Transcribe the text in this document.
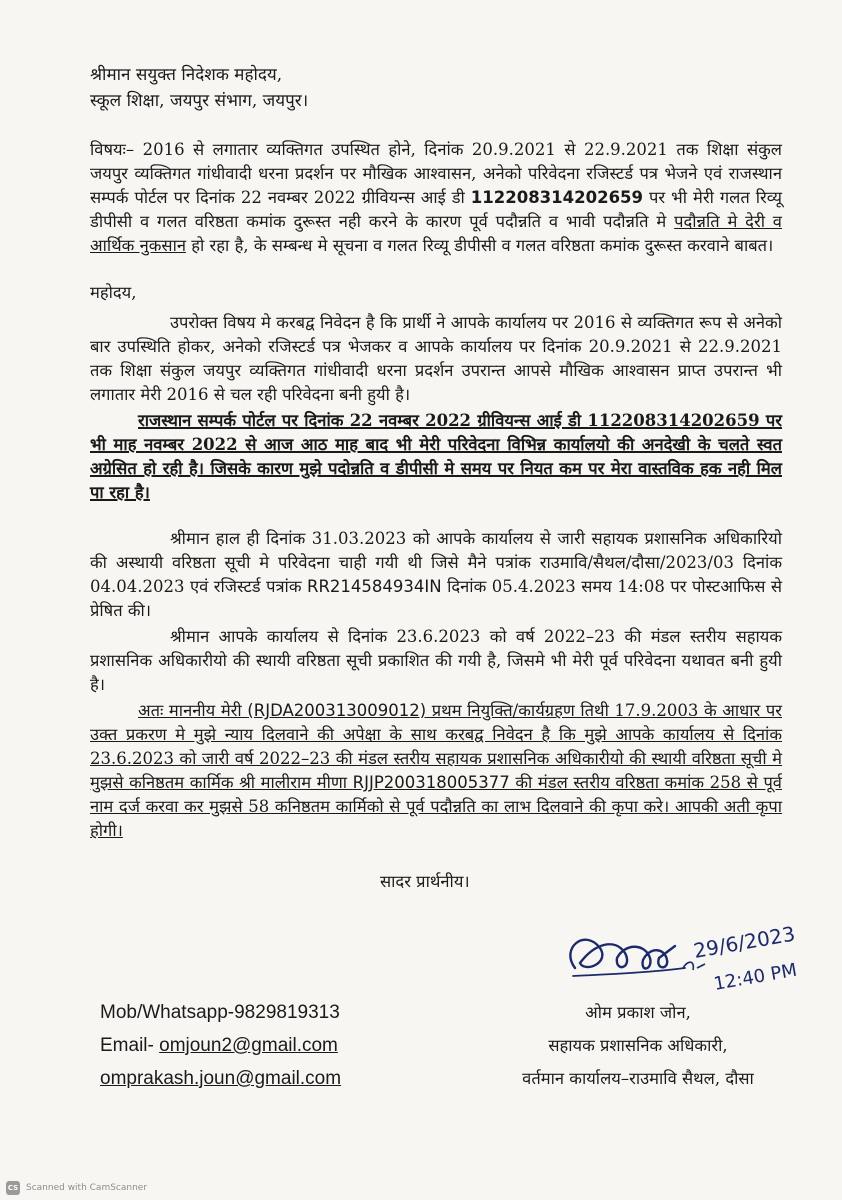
श्रीमान सयुक्त निदेशक महोदय,
स्कूल शिक्षा, जयपुर संभाग, जयपुर।

विषयः– 2016 से लगातार व्यक्तिगत उपस्थित होने, दिनांक 20.9.2021 से 22.9.2021 तक शिक्षा संकुल जयपुर व्यक्तिगत गांधीवादी धरना प्रदर्शन पर मौखिक आश्वासन, अनेको परिवेदना रजिस्टर्ड पत्र भेजने एवं राजस्थान सम्पर्क पोर्टल पर दिनांक 22 नवम्बर 2022 ग्रीवियन्स आई डी 112208314202659 पर भी मेरी गलत रिव्यू डीपीसी व गलत वरिष्ठता कमांक दुरूस्त नही करने के कारण पूर्व पदौन्नति व भावी पदौन्नति मे पदौन्नति मे देरी व आर्थिक नुकसान हो रहा है, के सम्बन्ध मे सूचना व गलत रिव्यू डीपीसी व गलत वरिष्ठता कमांक दुरूस्त करवाने बाबत।

महोदय,

उपरोक्त विषय मे करबद्व निवेदन है कि प्रार्थी ने आपके कार्यालय पर 2016 से व्यक्तिगत रूप से अनेको बार उपस्थिति होकर, अनेको रजिस्टर्ड पत्र भेजकर व आपके कार्यालय पर दिनांक 20.9.2021 से 22.9.2021 तक शिक्षा संकुल जयपुर व्यक्तिगत गांधीवादी धरना प्रदर्शन उपरान्त आपसे मौखिक आश्वासन प्राप्त उपरान्त भी लगातार मेरी 2016 से चल रही परिवेदना बनी हुयी है।

राजस्थान सम्पर्क पोर्टल पर दिनांक 22 नवम्बर 2022 ग्रीवियन्स आई डी 112208314202659 पर भी माह नवम्बर 2022 से आज आठ माह बाद भी मेरी परिवेदना विभिन्न कार्यालयो की अनदेखी के चलते स्वत अग्रेसित हो रही है। जिसके कारण मुझे पदोन्नति व डीपीसी मे समय पर नियत कम पर मेरा वास्तविक हक नही मिल पा रहा है।

श्रीमान हाल ही दिनांक 31.03.2023 को आपके कार्यालय से जारी सहायक प्रशासनिक अधिकारियो की अस्थायी वरिष्ठता सूची मे परिवेदना चाही गयी थी जिसे मैने पत्रांक राउमावि/सैथल/दौसा/2023/03 दिनांक 04.04.2023 एवं रजिस्टर्ड पत्रांक RR214584934IN दिनांक 05.4.2023 समय 14:08 पर पोस्टआफिस से प्रेषित की।

श्रीमान आपके कार्यालय से दिनांक 23.6.2023 को वर्ष 2022–23 की मंडल स्तरीय सहायक प्रशासनिक अधिकारीयो की स्थायी वरिष्ठता सूची प्रकाशित की गयी है, जिसमे भी मेरी पूर्व परिवेदना यथावत बनी हुयी है।

अतः माननीय मेरी (RJDA200313009012) प्रथम नियुक्ति/कार्यग्रहण तिथी 17.9.2003 के आधार पर उक्त प्रकरण मे मुझे न्याय दिलवाने की अपेक्षा के साथ करबद्व निवेदन है कि मुझे आपके कार्यालय से दिनांक 23.6.2023 को जारी वर्ष 2022–23 की मंडल स्तरीय सहायक प्रशासनिक अधिकारीयो की स्थायी वरिष्ठता सूची मे मुझसे कनिष्ठतम कार्मिक श्री मालीराम मीणा RJJP200318005377 की मंडल स्तरीय वरिष्ठता कमांक 258 से पूर्व नाम दर्ज करवा कर मुझसे 58 कनिष्ठतम कार्मिको से पूर्व पदौन्नति का लाभ दिलवाने की कृपा करे। आपकी अती कृपा होगी।

सादर प्रार्थनीय।
29/6/2023
12:40 PM
Mob/Whatsapp-9829819313
Email- omjoun2@gmail.com
omprakash.joun@gmail.com
ओम प्रकाश जोन,
सहायक प्रशासनिक अधिकारी,
वर्तमान कार्यालय–राउमावि सैथल, दौसा
CS Scanned with CamScanner
